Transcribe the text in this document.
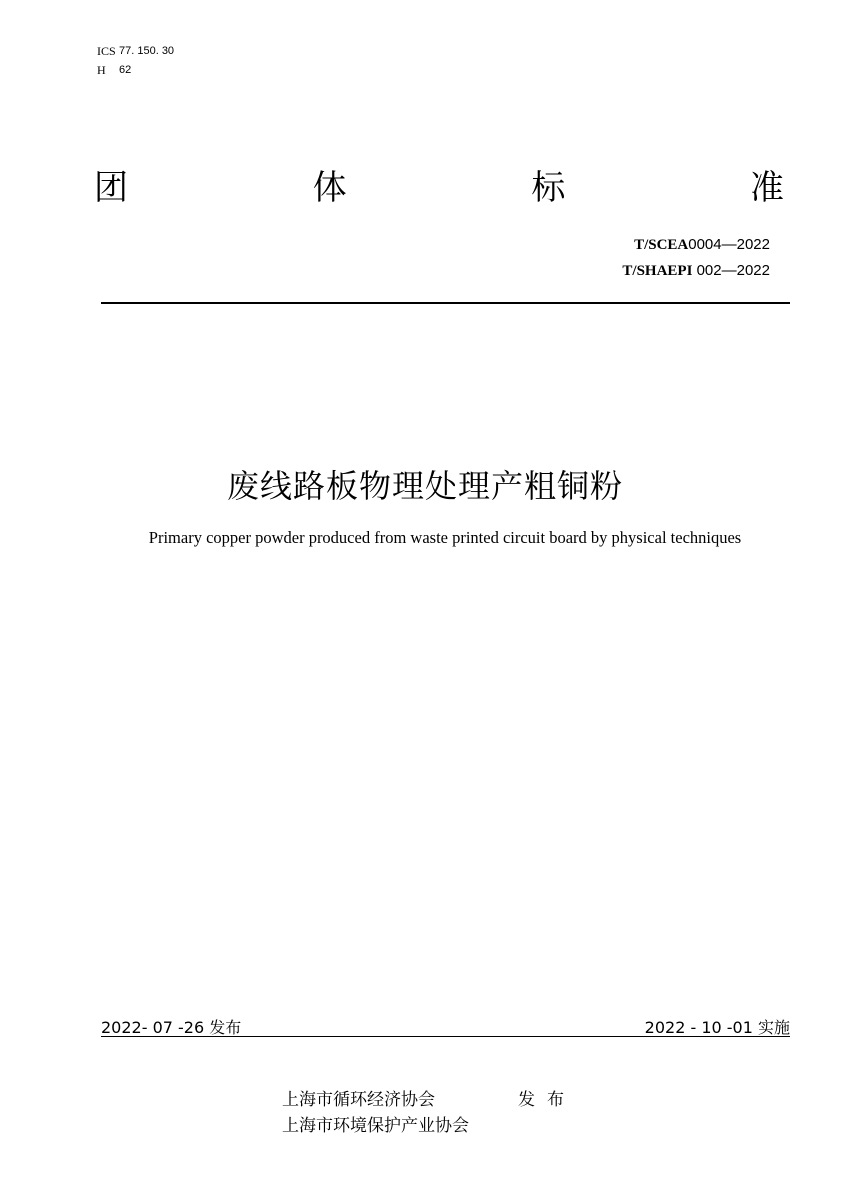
ICS 77. 150. 30
H	62
团	体	标	准
T/SCEA0004—2022
T/SHAEPI 002—2022
废线路板物理处理产粗铜粉
Primary copper powder produced from waste printed circuit board by physical techniques
2022- 07 -26 发布	2022 - 10 -01 实施
上海市循环经济协会	发布
上海市环境保护产业协会
